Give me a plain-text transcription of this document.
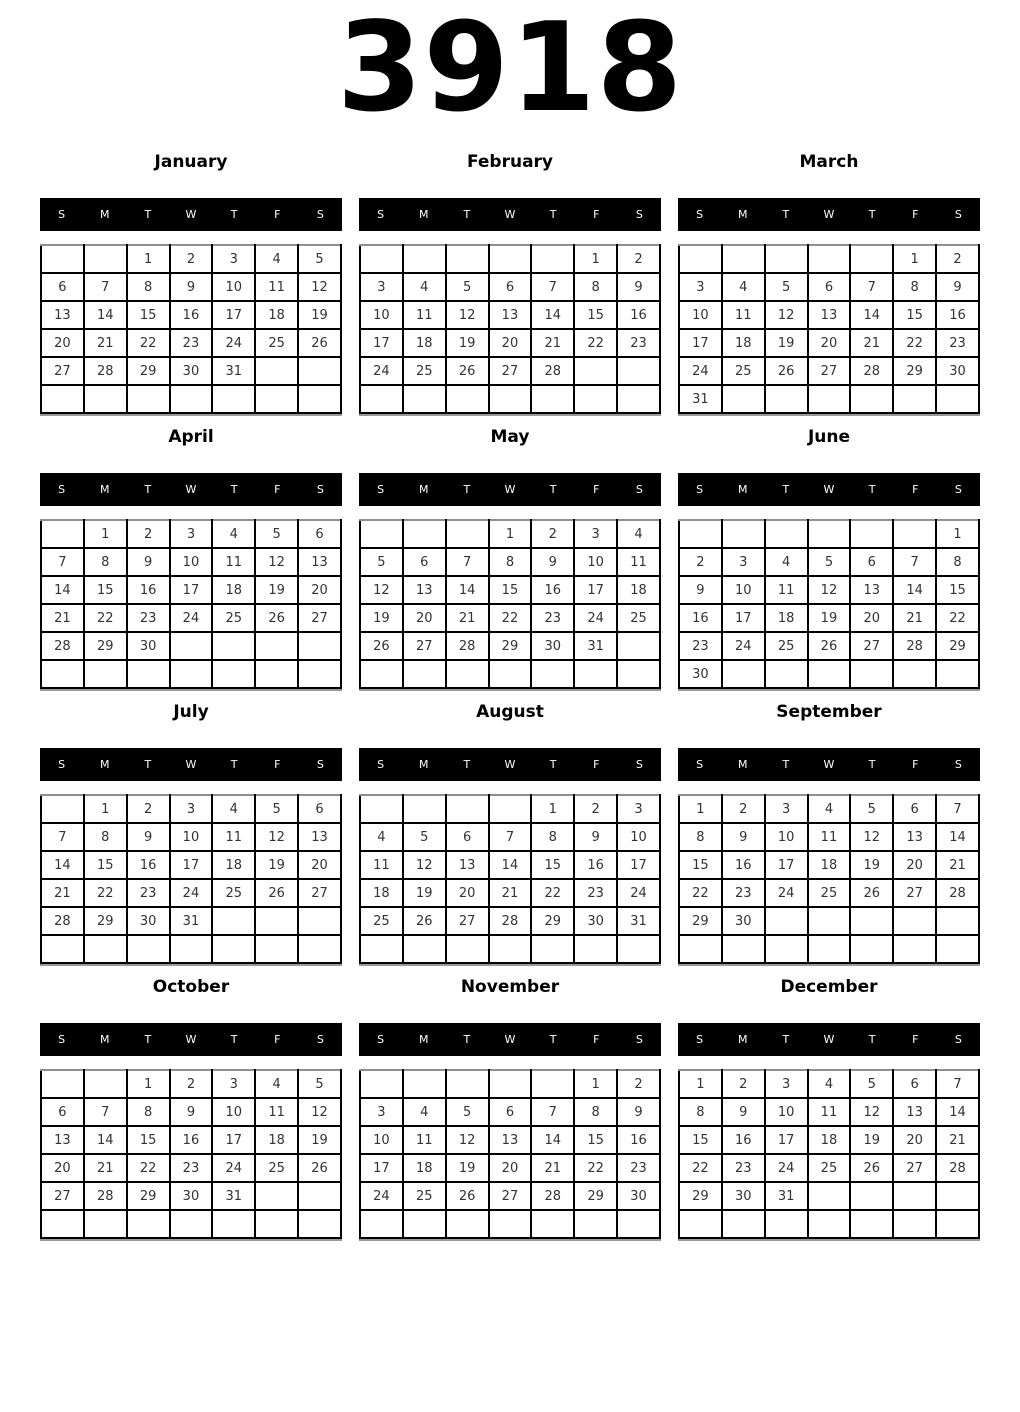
3918
January
S	M	T	W	T	F	S
		1	2	3	4	5
6	7	8	9	10	11	12
13	14	15	16	17	18	19
20	21	22	23	24	25	26
27	28	29	30	31		

February
S	M	T	W	T	F	S
					1	2
3	4	5	6	7	8	9
10	11	12	13	14	15	16
17	18	19	20	21	22	23
24	25	26	27	28		

March
S	M	T	W	T	F	S
					1	2
3	4	5	6	7	8	9
10	11	12	13	14	15	16
17	18	19	20	21	22	23
24	25	26	27	28	29	30
31						
April
S	M	T	W	T	F	S
	1	2	3	4	5	6
7	8	9	10	11	12	13
14	15	16	17	18	19	20
21	22	23	24	25	26	27
28	29	30				

May
S	M	T	W	T	F	S
			1	2	3	4
5	6	7	8	9	10	11
12	13	14	15	16	17	18
19	20	21	22	23	24	25
26	27	28	29	30	31	

June
S	M	T	W	T	F	S
						1
2	3	4	5	6	7	8
9	10	11	12	13	14	15
16	17	18	19	20	21	22
23	24	25	26	27	28	29
30						
July
S	M	T	W	T	F	S
	1	2	3	4	5	6
7	8	9	10	11	12	13
14	15	16	17	18	19	20
21	22	23	24	25	26	27
28	29	30	31			

August
S	M	T	W	T	F	S
				1	2	3
4	5	6	7	8	9	10
11	12	13	14	15	16	17
18	19	20	21	22	23	24
25	26	27	28	29	30	31

September
S	M	T	W	T	F	S
1	2	3	4	5	6	7
8	9	10	11	12	13	14
15	16	17	18	19	20	21
22	23	24	25	26	27	28
29	30					

October
S	M	T	W	T	F	S
		1	2	3	4	5
6	7	8	9	10	11	12
13	14	15	16	17	18	19
20	21	22	23	24	25	26
27	28	29	30	31		

November
S	M	T	W	T	F	S
					1	2
3	4	5	6	7	8	9
10	11	12	13	14	15	16
17	18	19	20	21	22	23
24	25	26	27	28	29	30

December
S	M	T	W	T	F	S
1	2	3	4	5	6	7
8	9	10	11	12	13	14
15	16	17	18	19	20	21
22	23	24	25	26	27	28
29	30	31				
